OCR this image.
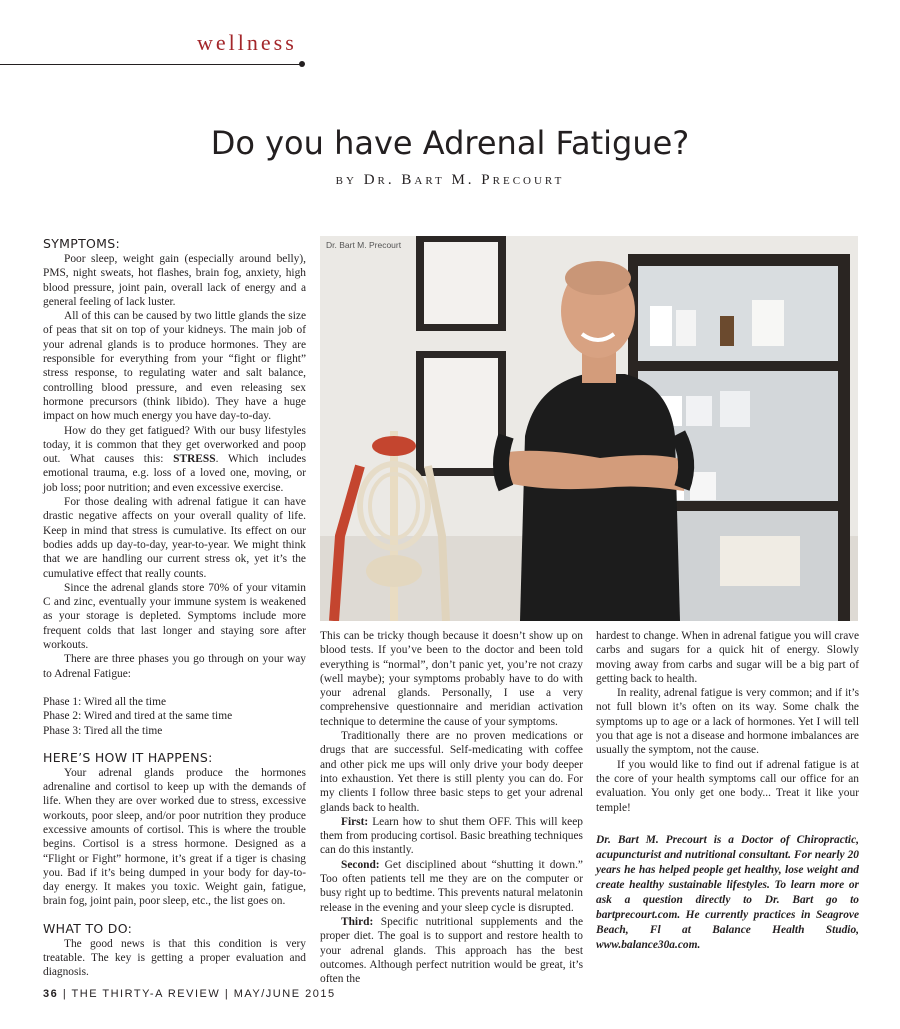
wellness
Do you have Adrenal Fatigue?
by Dr. Bart M. Precourt
SYMPTOMS:

Poor sleep, weight gain (especially around belly), PMS, night sweats, hot flashes, brain fog, anxiety, high blood pressure, joint pain, overall lack of energy and a general feeling of lack luster.

All of this can be caused by two little glands the size of peas that sit on top of your kidneys. The main job of your adrenal glands is to produce hormones. They are responsible for everything from your “fight or flight” stress response, to regulating water and salt balance, controlling blood pressure, and even releasing sex hormone precursors (think libido). They have a huge impact on how much energy you have day-to-day.

How do they get fatigued? With our busy lifestyles today, it is common that they get overworked and poop out. What causes this: STRESS. Which includes emotional trauma, e.g. loss of a loved one, moving, or job loss; poor nutrition; and even excessive exercise.

For those dealing with adrenal fatigue it can have drastic negative affects on your overall quality of life. Keep in mind that stress is cumulative. Its effect on our bodies adds up day-to-day, year-to-year. We might think that we are handling our current stress ok, yet it’s the cumulative effect that really counts.

Since the adrenal glands store 70% of your vitamin C and zinc, eventually your immune system is weakened as your storage is depleted. Symptoms include more frequent colds that last longer and staying sore after workouts.

There are three phases you go through on your way to Adrenal Fatigue:

Phase 1: Wired all the time

Phase 2: Wired and tired at the same time

Phase 3: Tired all the time

HERE’S HOW IT HAPPENS:

Your adrenal glands produce the hormones adrenaline and cortisol to keep up with the demands of life. When they are over worked due to stress, excessive workouts, poor sleep, and/or poor nutrition they produce excessive amounts of cortisol. This is where the trouble begins. Cortisol is a stress hormone. Designed as a “Flight or Fight” hormone, it’s great if a tiger is chasing you. Bad if it’s being dumped in your body for day-to-day energy. It makes you toxic. Weight gain, fatigue, brain fog, joint pain, poor sleep, etc., the list goes on.

WHAT TO DO:

The good news is that this condition is very treatable. The key is getting a proper evaluation and diagnosis.

Dr. Bart M. Precourt

This can be tricky though because it doesn’t show up on blood tests. If you’ve been to the doctor and been told everything is “normal”, don’t panic yet, you’re not crazy (well maybe); your symptoms probably have to do with your adrenal glands. Personally, I use a very comprehensive questionnaire and meridian activation technique to determine the cause of your symptoms.

Traditionally there are no proven medications or drugs that are successful. Self-medicating with coffee and other pick me ups will only drive your body deeper into exhaustion. Yet there is still plenty you can do. For my clients I follow three basic steps to get your adrenal glands back to health.

First: Learn how to shut them OFF. This will keep them from producing cortisol. Basic breathing techniques can do this instantly.

Second: Get disciplined about “shutting it down.” Too often patients tell me they are on the computer or busy right up to bedtime. This prevents natural melatonin release in the evening and your sleep cycle is disrupted.

Third: Specific nutritional supplements and the proper diet. The goal is to support and restore health to your adrenal glands. This approach has the best outcomes. Although perfect nutrition would be great, it’s often the

hardest to change. When in adrenal fatigue you will crave carbs and sugars for a quick hit of energy. Slowly moving away from carbs and sugar will be a big part of getting back to health.

In reality, adrenal fatigue is very common; and if it’s not full blown it’s often on its way. Some chalk the symptoms up to age or a lack of hormones. Yet I will tell you that age is not a disease and hormone imbalances are usually the symptom, not the cause.

If you would like to find out if adrenal fatigue is at the core of your health symptoms call our office for an evaluation. You only get one body... Treat it like your temple!

Dr. Bart M. Precourt is a Doctor of Chiropractic, acupuncturist and nutritional consultant. For nearly 20 years he has helped people get healthy, lose weight and create healthy sustainable lifestyles. To learn more or ask a question directly to Dr. Bart go to bartprecourt.com. He currently practices in Seagrove Beach, Fl at Balance Health Studio, www.balance30a.com.

36 | THE THIRTY-A REVIEW | MAY/JUNE 2015
